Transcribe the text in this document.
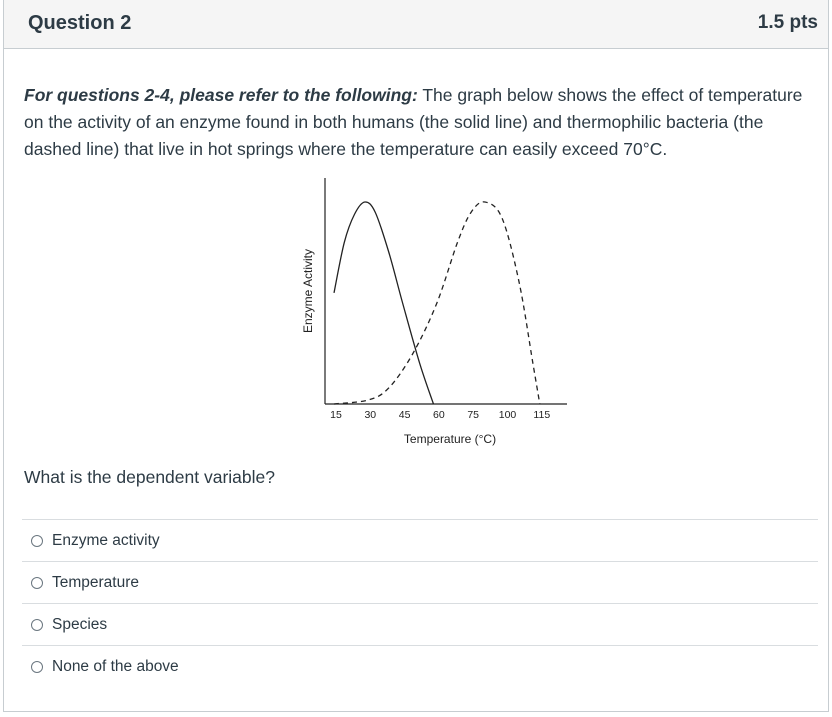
Question 2	1.5 pts
For questions 2-4, please refer to the following: The graph below shows the effect of temperature on the activity of an enzyme found in both humans (the solid line) and thermophilic bacteria (the dashed line) that live in hot springs where the temperature can easily exceed 70°C.
15 30 45 60 75 100 115
Enzyme Activity
Temperature (°C)
What is the dependent variable?
Enzyme activity
Temperature
Species
None of the above
